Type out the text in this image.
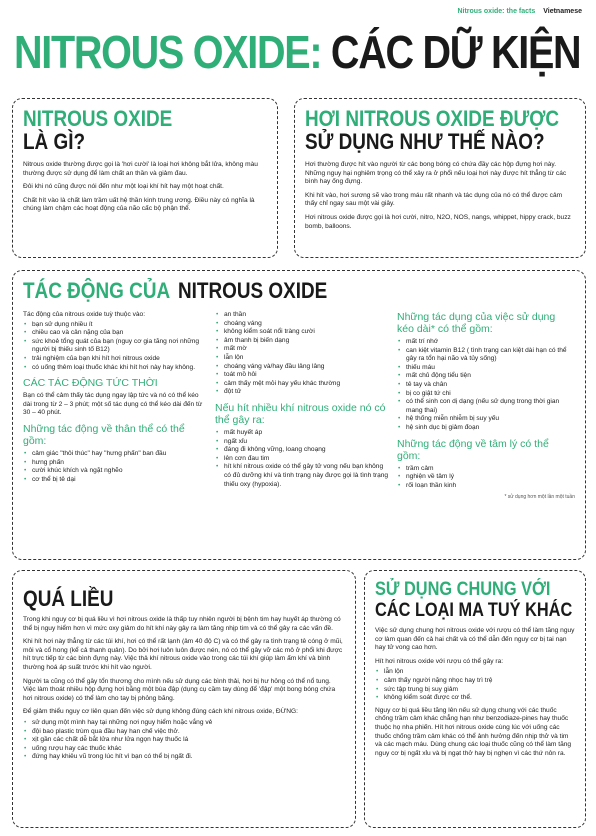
Nitrous oxide: the facts Vietnamese
NITROUS OXIDE: CÁC DỮ KIỆN
NITROUS OXIDE
LÀ GÌ?

Nitrous oxide thường được gọi là 'hơi cười' là loại hơi không bắt lửa, không màu thường được sử dụng để làm chất an thần và giảm đau.

Đôi khi nó cũng được nói đến như một loại khí hít hay một hoạt chất.

Chất hít vào là chất làm trầm uất hệ thần kinh trung ương. Điều này có nghĩa là chúng làm chậm các hoạt động của não cấc bộ phận thể.

HƠI NITROUS OXIDE ĐƯỢC
SỬ DỤNG NHƯ THẾ NÀO?

Hơi thường được hít vào người từ các bong bóng có chứa đầy các hộp đựng hơi này. Những nguy hại nghiêm trọng có thể xảy ra ở phổi nếu loại hơi này được hít thẳng từ các bình hay ống đựng.

Khi hít vào, hơi sương sẽ vào trong máu rất nhanh và tác dụng của nó có thể được cảm thấy chỉ ngay sau một vài giây.

Hơi nitrous oxide được gọi là hơi cười, nitro, N2O, NOS, nangs, whippet, hippy crack, buzz bomb, balloons.

TÁC ĐỘNG CỦA NITROUS OXIDE

Tác động của nitrous oxide tuỳ thuộc vào:

• bạn sử dụng nhiều ít
• chiều cao và cân nặng của bạn
• sức khoẻ tổng quát của bạn (nguy cơ gia tăng nơi những người bị thiếu sinh tố B12)
• trải nghiệm của bạn khi hít hơi nitrous oxide
• có uống thêm loại thuốc khác khi hít hơi này hay không.
CÁC TÁC ĐỘNG TỨC THỜI

Bạn có thể cảm thấy tác dụng ngay lập tức và nó có thể kéo dài trong từ 2 – 3 phút; một số tác dụng có thể kéo dài đến từ 30 – 40 phút.

Những tác động về thân thể có thể gồm:
• cảm giác "thôi thúc" hay "hưng phấn" ban đầu
• hưng phấn
• cười khúc khích và ngặt nghẽo
• cơ thể bị tê dại
• an thần
• choáng váng
• không kiểm soát nổi tràng cười
• âm thanh bị biến dạng
• mất mờ
• lẫn lộn
• choáng váng và/hay đầu lâng lâng
• toát mồ hôi
• cảm thấy mệt mỏi hay yếu khác thường
• đột tử
Nếu hít nhiều khí nitrous oxide nó có thể gây ra:
• mất huyết áp
• ngất xỉu
• đáng đi không vững, loang choạng
• lên cơn đau tim
• hít khí nitrous oxide có thể gây tử vong nếu bạn không có đủ dưỡng khí và tình trạng này được gọi là tình trạng thiếu oxy (hypoxia).
Những tác dụng của việc sử dụng kéo dài* có thể gồm:
• mất trí nhớ
• can kiệt vitamin B12 ( tình trạng can kiệt dài hạn có thể gây ra tổn hại não và tủy sống)
• thiếu máu
• mất chủ động tiểu tiện
• tê tay và chân
• bị co giật tứ chi
• có thể sinh con dị dạng (nếu sử dụng trong thời gian mang thai)
• hệ thống miễn nhiễm bị suy yếu
• hệ sinh dục bị giảm đoạn
Những tác động về tâm lý có thể gồm:
• trầm cảm
• nghiện về tâm lý
• rối loạn thần kinh
* sử dụng hơn một lần một tuần
QUÁ LIỀU

Trong khi nguy cơ bị quá liều vì hơi nitrous oxide là thấp tuy nhiên người bị bệnh tim hay huyết áp thường có thể bị nguy hiểm hơn vì mức oxy giảm do hít khí này gây ra làm tăng nhịp tim và có thể gây ra các vấn đề.

Khi hít hơi này thẳng từ các túi khí, hơi có thể rất lạnh (âm 40 độ C) và có thể gây ra tình trạng tê cóng ở mũi, môi và cổ hong (kể cả thanh quản). Do bởi hơi luôn luôn được nén, nó có thể gây vỡ các mô ở phổi khi được hít trực tiếp từ các bình đựng này. Việc thả khí nitrous oxide vào trong các túi khí giúp làm ấm khí và bình thường hoá áp suất trước khi hít vào người.

Người ta cũng có thể gây tổn thương cho mình nếu sử dụng các bình thải, hơi bị hư hỏng có thể nổ tung. Việc làm thoát nhiều hộp đựng hơi bằng một bùa đập (dụng cụ cầm tay dùng để 'đập' một bong bóng chứa hơi nitrous oxide) có thể làm cho tay bị phỏng băng.

Để giảm thiểu nguy cơ liên quan đến việc sử dụng không đúng cách khí nitrous oxide, ĐỪNG:

• sử dụng một mình hay tại những nơi nguy hiểm hoặc vắng vẻ
• đội bao plastic trùm qua đầu hay han chế việc thở.
• xịt gần các chất dễ bắt lửa như lửa ngọn hay thuốc lá
• uống rượu hay các thuốc khác
• đứng hay khiêu vũ trong lúc hít vì bạn có thể bị ngất đi.
SỬ DỤNG CHUNG VỚI
CÁC LOẠI MA TUÝ KHÁC

Việc sử dụng chung hơi nitrous oxide với rượu có thể làm tăng nguy cơ làm quan đến cả hai chất và có thể dẫn đến nguy cơ bị tai nạn hay tử vong cao hơn.

Hít hơi nitrous oxide với rượu có thể gây ra:

• lẫn lộn
• cảm thấy người nặng nhọc hay trì trệ
• sức tập trung bị suy giảm
• không kiểm soát được cơ thể.

Nguy cơ bị quá liều tăng lên nếu sử dụng chung với các thuốc chống trầm cảm khác chẳng hạn như benzodiaze-pines hay thuốc thuộc họ nha phiến. Hít hơi nitrous oxide cùng lúc với uống các thuốc chống trầm cảm khác có thể ảnh hưởng đến nhịp thở và tim và các mạch máu. Dùng chung các loại thuốc cũng có thể làm tăng nguy cơ bị ngất xỉu và bị ngạt thở hay bị nghẹn vì các thứ nôn ra.
